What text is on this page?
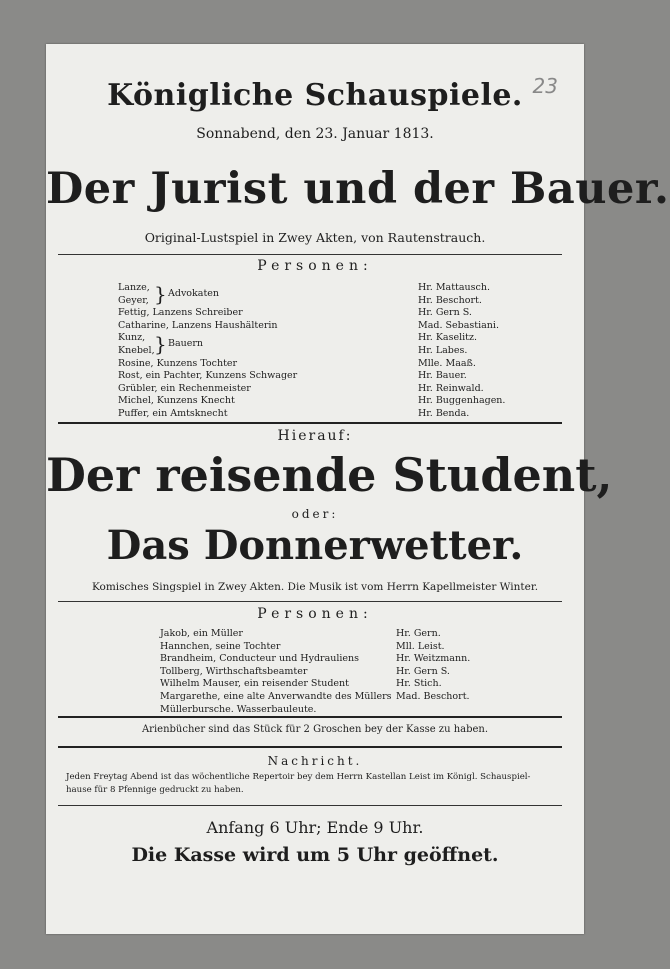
23
Königliche Schauspiele.
Sonnabend, den 23. Januar 1813.
Der Jurist und der Bauer.
Original-Lustspiel in Zwey Akten, von Rautenstrauch.
Personen:
Lanze,
Geyer,
Fettig, Lanzens Schreiber
Catharine, Lanzens Haushälterin
Kunz,
Knebel,
Rosine, Kunzens Tochter
Rost, ein Pachter, Kunzens Schwager
Grübler, ein Rechenmeister
Michel, Kunzens Knecht
Puffer, ein Amtsknecht
} Advokaten
} Bauern
Hr. Mattausch.
Hr. Beschort.
Hr. Gern S.
Mad. Sebastiani.
Hr. Kaselitz.
Hr. Labes.
Mlle. Maaß.
Hr. Bauer.
Hr. Reinwald.
Hr. Buggenhagen.
Hr. Benda.
Hierauf:
Der reisende Student,
oder:
Das Donnerwetter.
Komisches Singspiel in Zwey Akten. Die Musik ist vom Herrn Kapellmeister Winter.
Personen:
Jakob, ein Müller
Hannchen, seine Tochter
Brandheim, Conducteur und Hydrauliens
Tollberg, Wirthschaftsbeamter
Wilhelm Mauser, ein reisender Student
Margarethe, eine alte Anverwandte des Müllers
Müllerbursche. Wasserbauleute.
Hr. Gern.
Mll. Leist.
Hr. Weitzmann.
Hr. Gern S.
Hr. Stich.
Mad. Beschort.
Arienbücher sind das Stück für 2 Groschen bey der Kasse zu haben.
Nachricht.
Jeden Freytag Abend ist das wöchentliche Repertoir bey dem Herrn Kastellan Leist im Königl. Schauspiel-
hause für 8 Pfennige gedruckt zu haben.
Anfang 6 Uhr; Ende 9 Uhr.
Die Kasse wird um 5 Uhr geöffnet.
